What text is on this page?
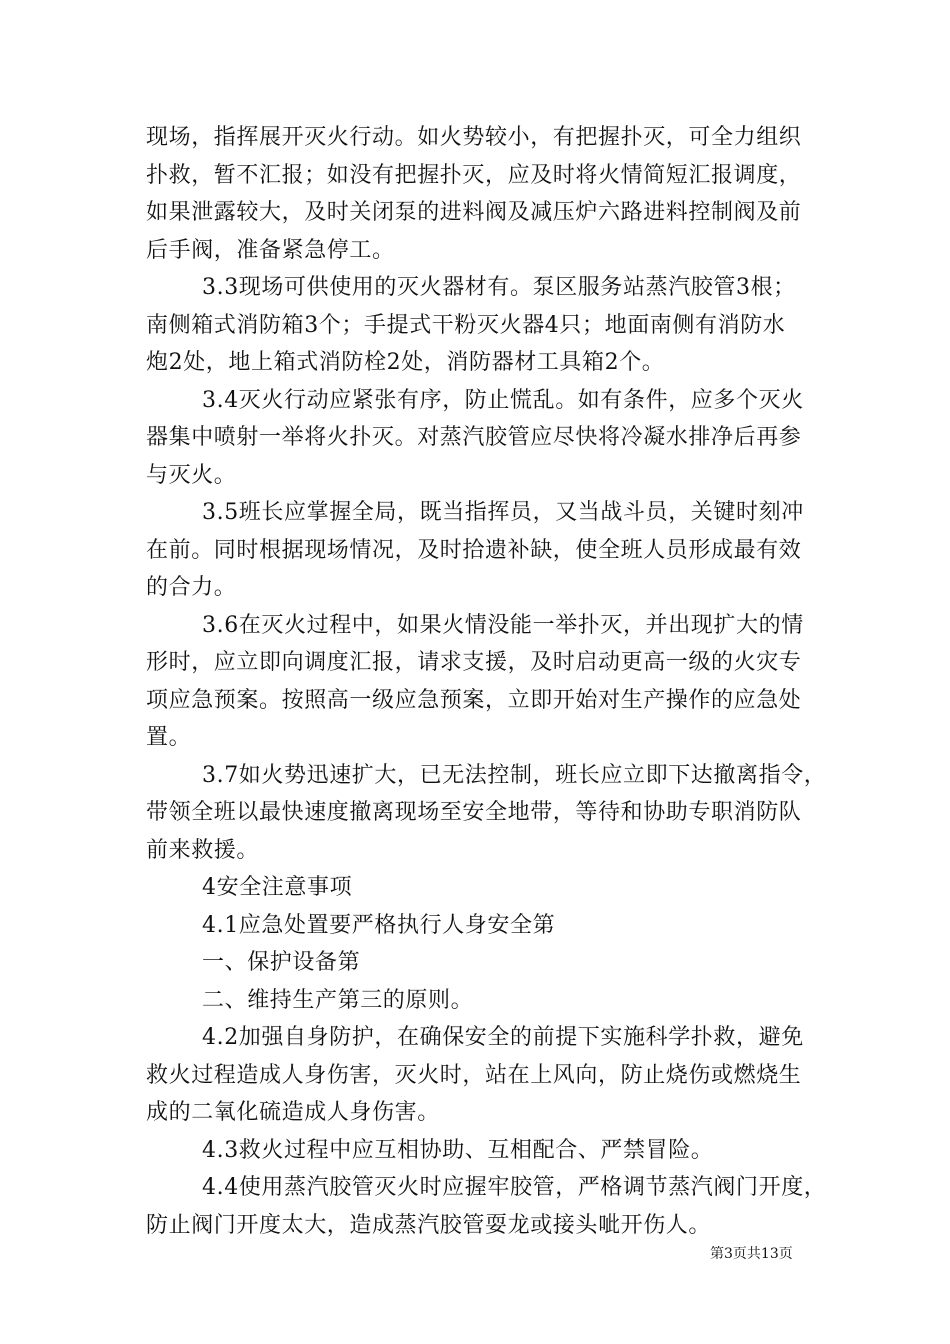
现场，指挥展开灭火行动。如火势较小，有把握扑灭，可全力组织
扑救，暂不汇报；如没有把握扑灭，应及时将火情简短汇报调度，
如果泄露较大，及时关闭泵的进料阀及减压炉六路进料控制阀及前
后手阀，准备紧急停工。
3.3现场可供使用的灭火器材有。泵区服务站蒸汽胶管3根；
南侧箱式消防箱3个；手提式干粉灭火器4只；地面南侧有消防水
炮2处，地上箱式消防栓2处，消防器材工具箱2个。
3.4灭火行动应紧张有序，防止慌乱。如有条件，应多个灭火
器集中喷射一举将火扑灭。对蒸汽胶管应尽快将冷凝水排净后再参
与灭火。
3.5班长应掌握全局，既当指挥员，又当战斗员，关键时刻冲
在前。同时根据现场情况，及时拾遗补缺，使全班人员形成最有效
的合力。
3.6在灭火过程中，如果火情没能一举扑灭，并出现扩大的情
形时，应立即向调度汇报，请求支援，及时启动更高一级的火灾专
项应急预案。按照高一级应急预案，立即开始对生产操作的应急处
置。
3.7如火势迅速扩大，已无法控制，班长应立即下达撤离指令，
带领全班以最快速度撤离现场至安全地带，等待和协助专职消防队
前来救援。
4安全注意事项
4.1应急处置要严格执行人身安全第
一、保护设备第
二、维持生产第三的原则。
4.2加强自身防护，在确保安全的前提下实施科学扑救，避免
救火过程造成人身伤害，灭火时，站在上风向，防止烧伤或燃烧生
成的二氧化硫造成人身伤害。
4.3救火过程中应互相协助、互相配合、严禁冒险。
4.4使用蒸汽胶管灭火时应握牢胶管，严格调节蒸汽阀门开度，
防止阀门开度太大，造成蒸汽胶管耍龙或接头呲开伤人。
第3页共13页
